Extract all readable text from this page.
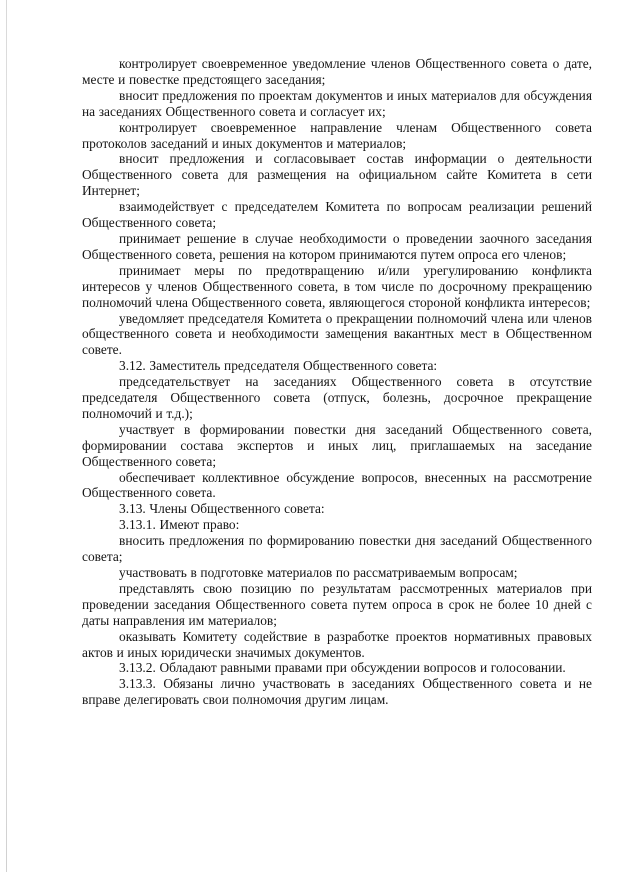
контролирует своевременное уведомление членов Общественного совета о дате, месте и повестке предстоящего заседания;

вносит предложения по проектам документов и иных материалов для обсуждения на заседаниях Общественного совета и согласует их;

контролирует своевременное направление членам Общественного совета протоколов заседаний и иных документов и материалов;

вносит предложения и согласовывает состав информации о деятельности Общественного совета для размещения на официальном сайте Комитета в сети Интернет;

взаимодействует с председателем Комитета по вопросам реализации решений Общественного совета;

принимает решение в случае необходимости о проведении заочного заседания Общественного совета, решения на котором принимаются путем опроса его членов;

принимает меры по предотвращению и/или урегулированию конфликта интересов у членов Общественного совета, в том числе по досрочному прекращению полномочий члена Общественного совета, являющегося стороной конфликта интересов;

уведомляет председателя Комитета о прекращении полномочий члена или членов общественного совета и необходимости замещения вакантных мест в Общественном совете.

3.12. Заместитель председателя Общественного совета:

председательствует на заседаниях Общественного совета в отсутствие председателя Общественного совета (отпуск, болезнь, досрочное прекращение полномочий и т.д.);

участвует в формировании повестки дня заседаний Общественного совета, формировании состава экспертов и иных лиц, приглашаемых на заседание Общественного совета;

обеспечивает коллективное обсуждение вопросов, внесенных на рассмотрение Общественного совета.

3.13. Члены Общественного совета:

3.13.1. Имеют право:

вносить предложения по формированию повестки дня заседаний Общественного совета;

участвовать в подготовке материалов по рассматриваемым вопросам;

представлять свою позицию по результатам рассмотренных материалов при проведении заседания Общественного совета путем опроса в срок не более 10 дней с даты направления им материалов;

оказывать Комитету содействие в разработке проектов нормативных правовых актов и иных юридически значимых документов.

3.13.2. Обладают равными правами при обсуждении вопросов и голосовании.

3.13.3. Обязаны лично участвовать в заседаниях Общественного совета и не вправе делегировать свои полномочия другим лицам.
